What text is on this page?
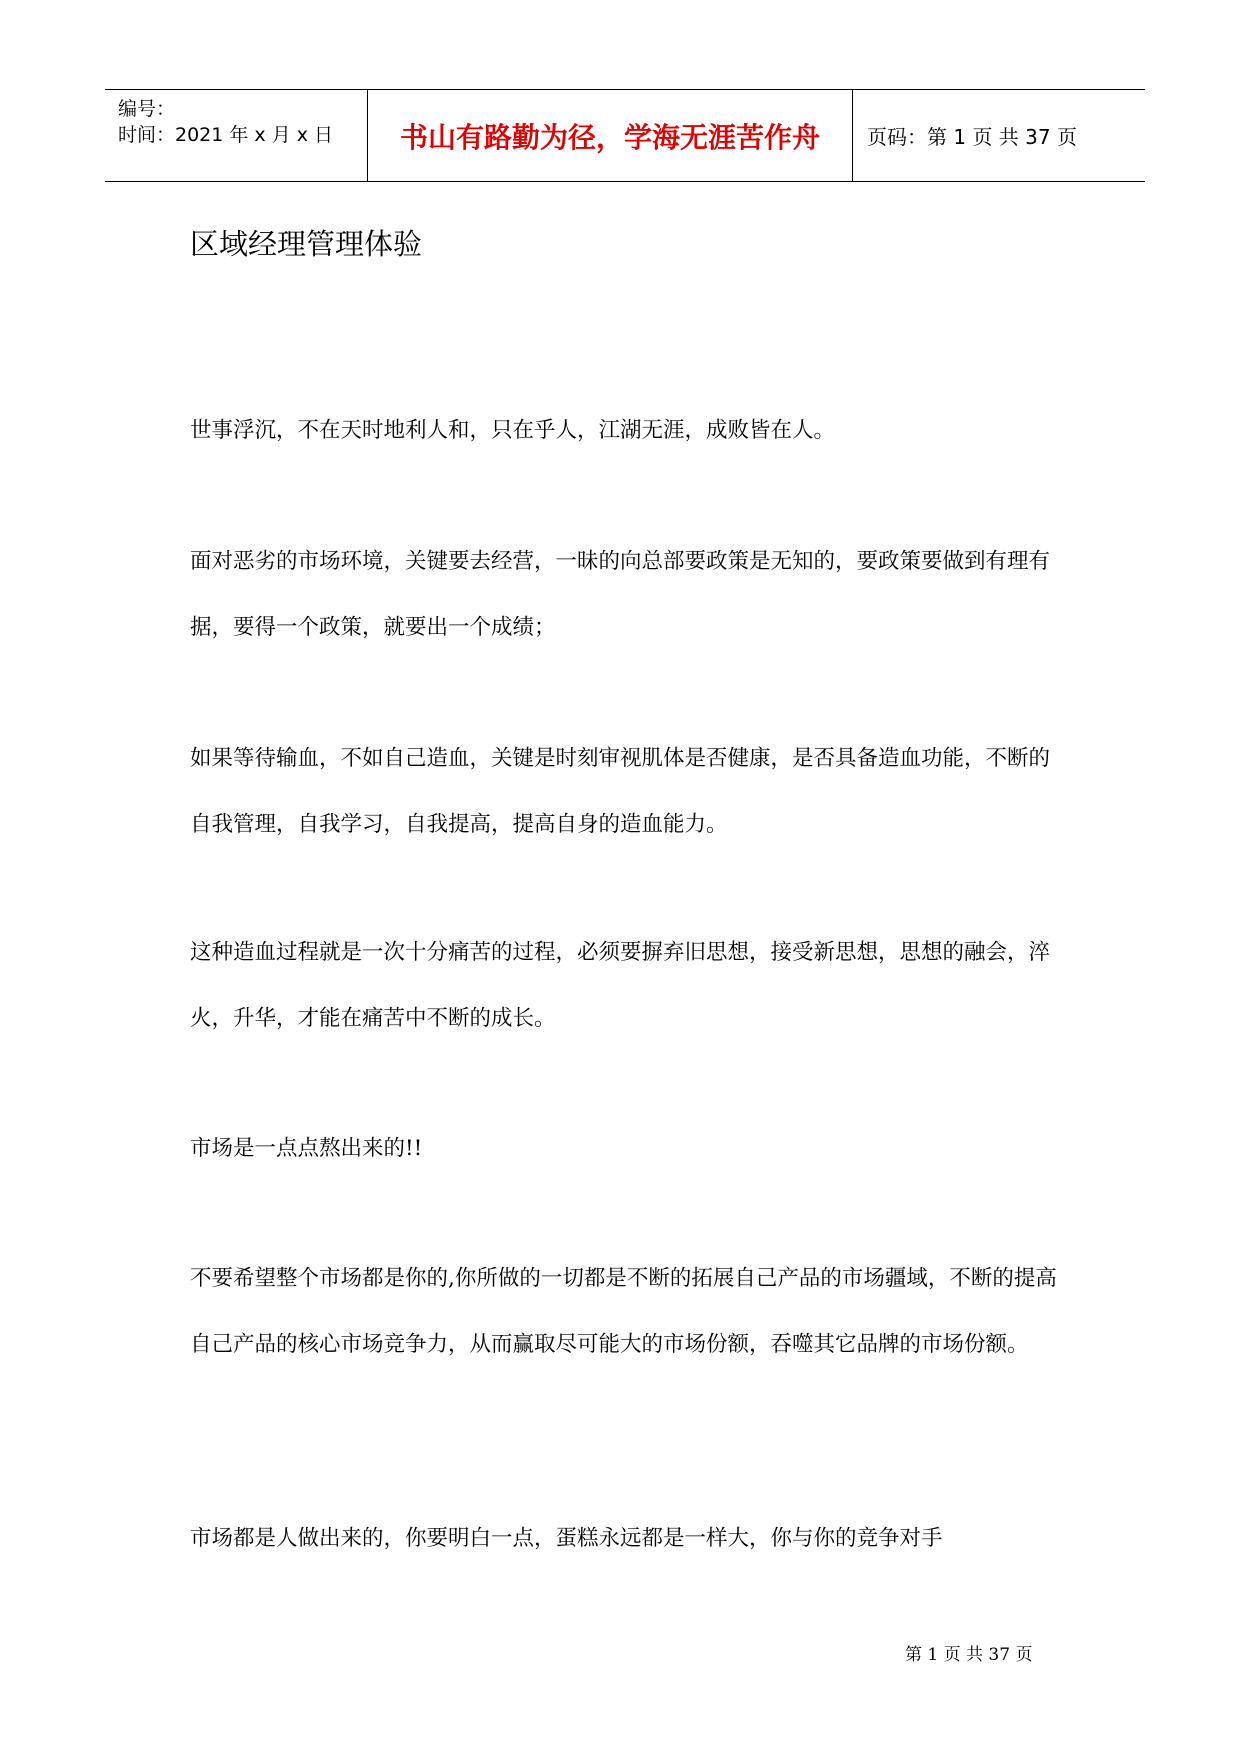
编号：
时间：2021 年 x 月 x 日	书山有路勤为径，学海无涯苦作舟	页码：第 1 页 共 37 页
区域经理管理体验

世事浮沉，不在天时地利人和，只在乎人，江湖无涯，成败皆在人。

面对恶劣的市场环境，关键要去经营，一昧的向总部要政策是无知的，要政策要做到有理有据，要得一个政策，就要出一个成绩；

如果等待输血，不如自己造血，关键是时刻审视肌体是否健康，是否具备造血功能，不断的自我管理，自我学习，自我提高，提高自身的造血能力。

这种造血过程就是一次十分痛苦的过程，必须要摒弃旧思想，接受新思想，思想的融会，淬火，升华，才能在痛苦中不断的成长。

市场是一点点熬出来的!!

不要希望整个市场都是你的,你所做的一切都是不断的拓展自己产品的市场疆域，不断的提高自己产品的核心市场竞争力，从而赢取尽可能大的市场份额，吞噬其它品牌的市场份额。

市场都是人做出来的，你要明白一点，蛋糕永远都是一样大，你与你的竞争对手

第 1 页 共 37 页
